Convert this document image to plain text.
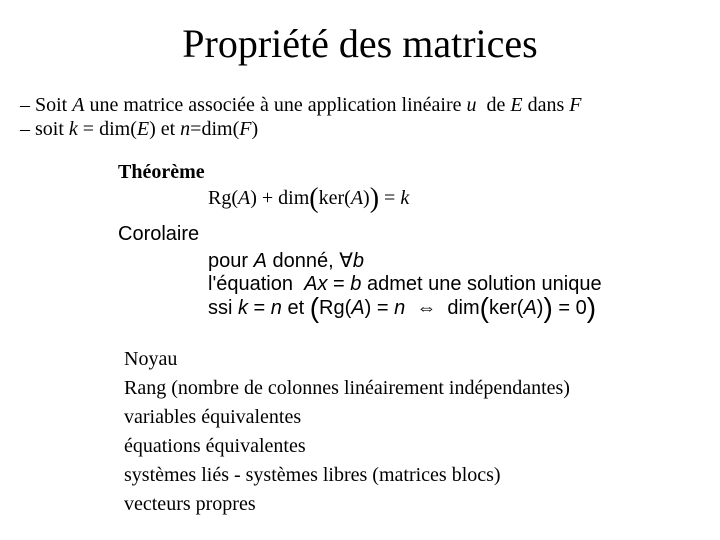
Propriété des matrices
– Soit A une matrice associée à une application linéaire u  de E dans F
– soit k = dim(E) et n=dim(F)
Théorème
Rg(A) + dim(ker(A)) = k
Corolaire
pour A donné, ∀b
l'équation  Ax = b admet une solution unique
ssi k = n et (Rg(A) = n  ⇔  dim(ker(A)) = 0)
Noyau
Rang (nombre de colonnes linéairement indépendantes)
variables équivalentes
équations équivalentes
systèmes liés - systèmes libres (matrices blocs)
vecteurs propres
